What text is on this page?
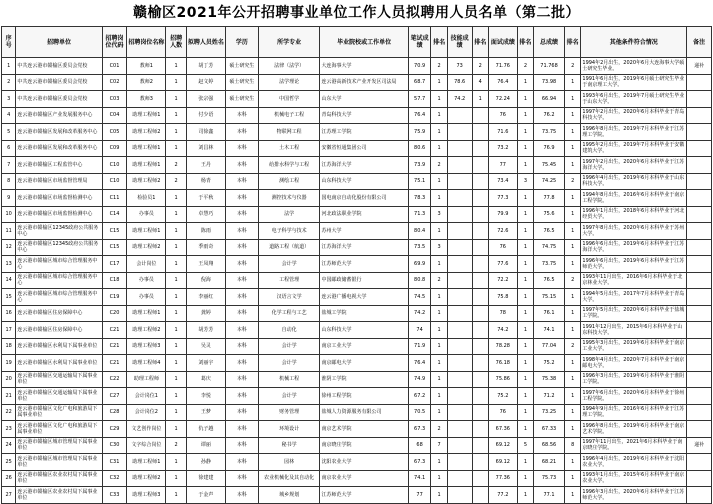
赣榆区2021年公开招聘事业单位工作人员拟聘用人员名单（第二批）
序号	招聘单位	招聘岗位代码	招聘岗位名称	招聘人数	拟聘人员姓名	学历	所学专业	毕业院校或工作单位	笔试成绩	排名	技能成绩	排名	面试成绩	排名	总成绩	排名	其他条件符合情况	备注
1	中共连云港市赣榆区委员会党校	C01	教师1	1	胡丁芳	硕士研究生	法律（法学）	大连海事大学	70.9	2	73	2	71.76	2	71.768	2	1994年2月出生，2020年6月大连海事大学硕士研究生毕业。	递补
2	中共连云港市赣榆区委员会党校	C02	教师2	1	赵文婷	硕士研究生	法学理论	连云港高新技术产业开发区司法局	68.7	1	78.6	4	76.4	1	73.98	1	1991年6月出生，2019年6月硕士研究生毕业于南京理工大学。	
3	中共连云港市赣榆区委员会党校	C03	教师3	1	张宗强	硕士研究生	中国哲学	山东大学	57.7	1	74.2	1	72.24	1	66.94	1	1993年6月出生，2019年7月硕士研究生毕业于山东大学。	
4	连云港市赣榆区产业发展服务中心	C04	助理工程师1	1	付少语	本科	机械电子工程	青岛科技大学	76.4	1			76	1	76.2	1	1997年2月出生，2020年6月本科毕业于青岛科技大学。	
5	连云港市赣榆区发展和改革服务中心	C05	助理工程师2	1	司徐鑫	本科	物联网工程	江苏理工学院	75.9	1			71.6	1	73.75	1	1996年8月出生，2019年7月本科毕业于江苏理工学院。	
6	连云港市赣榆区发展和改革服务中心	C09	助理工程师1	1	刘昌林	本科	土木工程	安徽省恒通集团公司	80.6	1			73.2	1	76.9	1	1995年2月出生，2019年7月本科毕业于安徽建筑大学。	
7	连云港市赣榆区工程监管中心	C10	助理工程师1	2	王丹	本科	给排水科学与工程	江苏海洋大学	73.9	2			77	1	75.45	1	1997年2月出生，2020年6月本科毕业于江苏海洋大学。	
8	连云港市赣榆区市场监督管理局	C10	助理工程师2	2	杨青	本科	测绘工程	山东科技大学	75.1	1			73.4	3	74.25	2	1996年4月出生，2019年6月本科毕业于山东科技大学。	
9	连云港市赣榆区市场监督检测中心	C11	检验员1	1	于平秋	本科	测控技术与仪器	国电南京自动化股份有限公司	78.3	1			77.3	1	77.8	1	1994年8月出生，2016年6月本科毕业于南京工程学院。	
10	连云港市赣榆区市场监督检测中心	C14	办事员	1	卓慧巧	本科	法学	河北政法职业学院	71.3	3			79.9	1	75.6	1	1996年1月出生，2018年6月本科毕业于河北经贸大学。	
11	连云港市赣榆区12345政府公共服务中心	C15	助理工程师1	1	陈雨	本科	电子科学与技术	苏州大学	80.4	1			72.6	1	76.5	1	1997年8月出生，2020年6月本科毕业于苏州大学。	
12	连云港市赣榆区12345政府公共服务中心	C15	助理工程师2	1	季雨奇	本科	道路工程（航道）	江苏海洋大学	73.5	3			76	1	74.75	1	1996年6月出生，2019年6月本科毕业于江苏海洋大学。	
13	连云港市赣榆区城市综合管理服务中心	C17	会计岗位	1	王凤翔	本科	会计学	江苏师范大学	69.9	1			77.6	1	73.75	1	1996年6月出生，2019年6月本科毕业于江苏师范大学。	
14	连云港市赣榆区城市综合管理服务中心	C18	办事员	1	倪海	本科	工程管理	中国邮政储蓄银行	80.8	2			72.2	1	76.5	2	1993年11月出生，2016年6月本科毕业于北京林业大学。	
15	连云港市赣榆区城市综合管理服务中心	C19	办事员	1	李丽红	本科	汉语言文学	连云港广播电视大学	74.5	1			75.8	1	75.15	1	1994年5月出生，2017年7月本科毕业于青岛大学。	
16	连云港市赣榆区住房保障中心	C20	助理工程师1	1	龚婷	本科	化学工程与工艺	盐城工学院	74.2	1			78	1	76.1	1	1997年5月出生，2020年6月本科毕业于盐城工学院。	
17	连云港市赣榆区住房保障中心	C21	助理工程师2	1	胡芳芳	本科	自动化	山东科技大学	74	1			74.2	1	74.1	1	1991年12月出生，2015年6月本科毕业于山东科技大学。	
18	连云港市赣榆区水利局下属事业单位	C21	助理工程师3	1	吴灵	本科	会计学	南京工业大学	71.9	1			78.28	1	77.04	2	1995年3月出生，2019年6月本科毕业于南京工业大学。	
19	连云港市赣榆区水利局下属事业单位	C21	助理工程师4	1	刘丽宇	本科	会计学	南京邮电大学	76.4	1			76.18	1	75.2	1	1998年4月出生，2020年7月本科毕业于南京邮电大学。	
20	连云港市赣榆区交通运输局下属事业单位	C22	助理工程师	1	葛庆	本科	机械工程	淮阴工学院	74.9	1			75.86	1	75.38	1	1996年3月出生，2019年6月本科毕业于淮阴工学院。	
21	连云港市赣榆区交通运输局下属事业单位	C27	会计岗位1	1	李悦	本科	会计学	徐州工程学院	67.2	1			75.2	1	71.2	1	1997年6月出生，2020年6月本科毕业于徐州工程学院。	
22	连云港市赣榆区文化广电和旅游局下属事业单位	C28	会计岗位2	1	王梦	本科	财务管理	盐城人力资源服务有限公司	70.5	1			76	1	73.25	1	1994年9月出生，2016年6月本科毕业于江苏理工学院。	
23	连云港市赣榆区文化广电和旅游局下属事业单位	C29	文艺创作岗位	1	仇子越	本科	环境设计	南京艺术学院	67.3	2			67.36	1	67.33	1	1996年8月出生，2019年6月本科毕业于南京艺术学院。	
24	连云港市赣榆区城市管理局下属事业单位	C30	文字综合岗位	2	谭丽	本科	秘书学	南京晓庄学院	68	7			69.12	5	68.56	8	1997年11月出生，2021年6月本科毕业于南京晓庄学院。	递补
25	连云港市赣榆区城市管理局下属事业单位	C31	助理工程师1	1	孙静	本科	园林	沈阳农业大学	67.3	1			69.12	1	68.21	1	1996年4月出生，2019年6月本科毕业于沈阳农业大学。	
26	连云港市赣榆区农业农村局下属事业单位	C32	助理工程师2	1	徐建建	本科	农业机械化及其自动化	南京农业大学	74.1	1			77.36	1	75.73	1	1993年1月出生，2015年6月本科毕业于南京农业大学。	
27	连云港市赣榆区农业农村局下属事业单位	C33	助理工程师3	1	于金声	本科	城乡规划	江苏师范大学	77	1			77.2	1	77.1	1	1996年3月出生，2020年6月本科毕业于江苏师范大学。	
